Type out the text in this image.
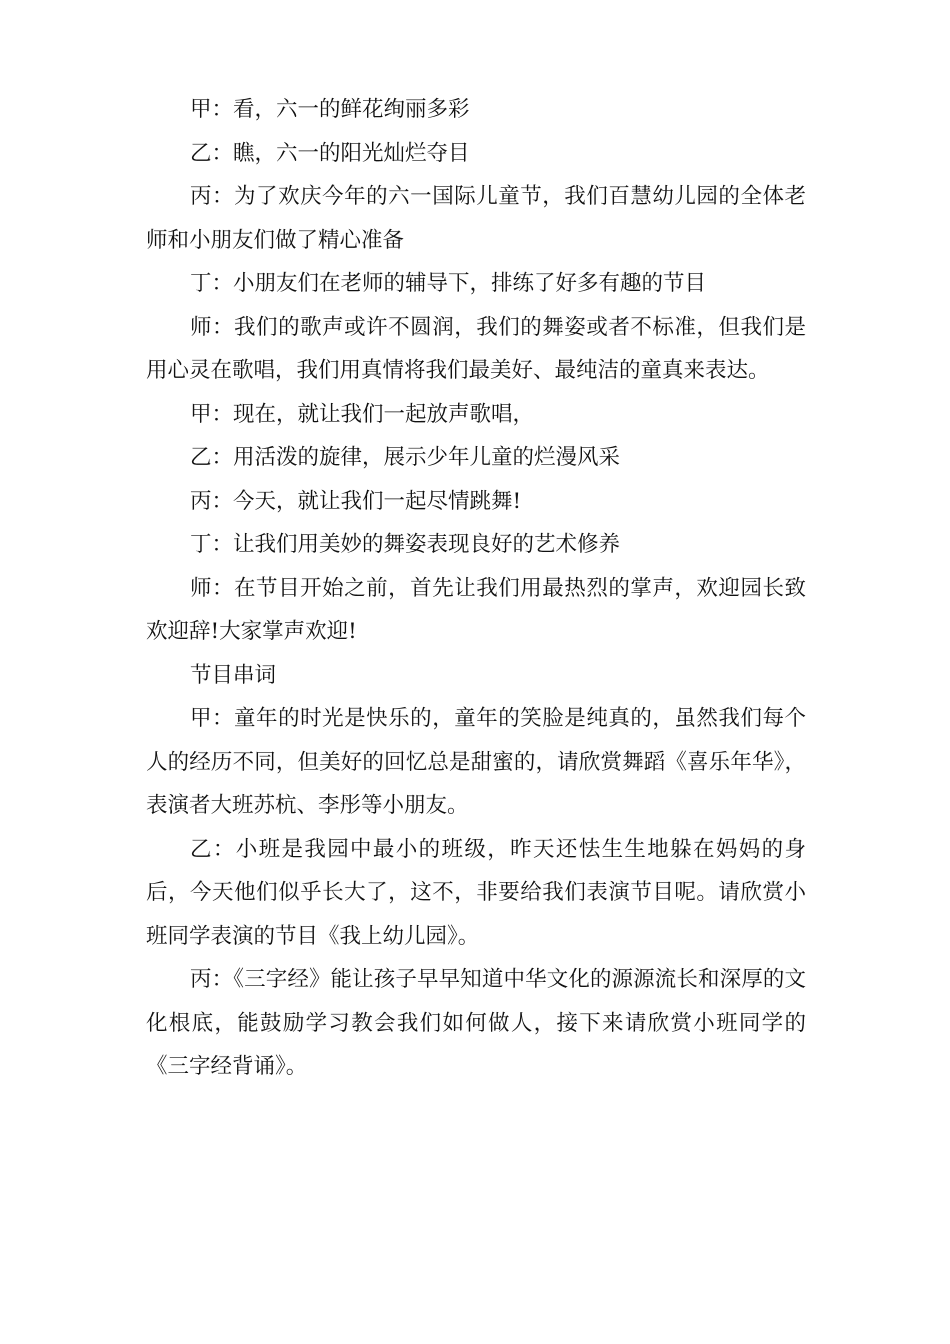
甲：看，六一的鲜花绚丽多彩

乙：瞧，六一的阳光灿烂夺目

丙：为了欢庆今年的六一国际儿童节，我们百慧幼儿园的全体老师和小朋友们做了精心准备

丁：小朋友们在老师的辅导下，排练了好多有趣的节目

师：我们的歌声或许不圆润，我们的舞姿或者不标准，但我们是用心灵在歌唱，我们用真情将我们最美好、最纯洁的童真来表达。

甲：现在，就让我们一起放声歌唱，

乙：用活泼的旋律，展示少年儿童的烂漫风采

丙：今天，就让我们一起尽情跳舞!

丁：让我们用美妙的舞姿表现良好的艺术修养

师：在节目开始之前，首先让我们用最热烈的掌声，欢迎园长致欢迎辞!大家掌声欢迎!

节目串词

甲：童年的时光是快乐的，童年的笑脸是纯真的，虽然我们每个人的经历不同，但美好的回忆总是甜蜜的，请欣赏舞蹈《喜乐年华》，表演者大班苏杭、李彤等小朋友。

乙：小班是我园中最小的班级，昨天还怯生生地躲在妈妈的身后，今天他们似乎长大了，这不，非要给我们表演节目呢。请欣赏小班同学表演的节目《我上幼儿园》。

丙：《三字经》能让孩子早早知道中华文化的源源流长和深厚的文化根底，能鼓励学习教会我们如何做人，接下来请欣赏小班同学的《三字经背诵》。
